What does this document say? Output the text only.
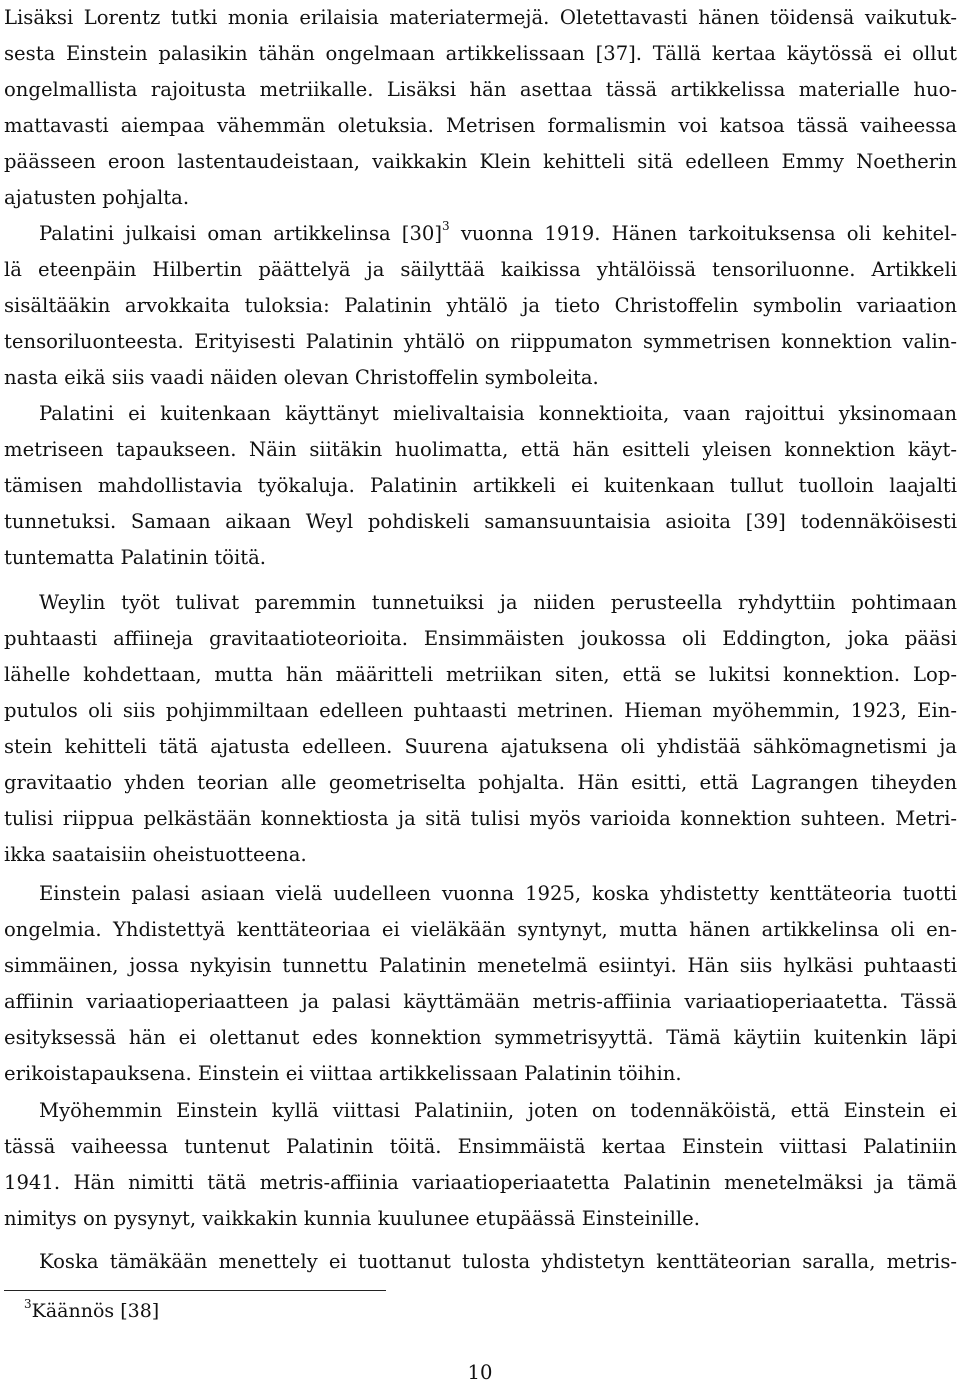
Lisäksi Lorentz tutki monia erilaisia materiatermejä. Oletettavasti hänen töidensä vaikutuk-
sesta Einstein palasikin tähän ongelmaan artikkelissaan [37]. Tällä kertaa käytössä ei ollut
ongelmallista rajoitusta metriikalle. Lisäksi hän asettaa tässä artikkelissa materialle huo-
mattavasti aiempaa vähemmän oletuksia. Metrisen formalismin voi katsoa tässä vaiheessa
päässeen eroon lastentaudeistaan, vaikkakin Klein kehitteli sitä edelleen Emmy Noetherin
ajatusten pohjalta.
Palatini julkaisi oman artikkelinsa $[30]^3$ vuonna 1919. Hänen tarkoituksensa oli kehitel-
lä eteenpäin Hilbertin päättelyä ja säilyttää kaikissa yhtälöissä tensoriluonne. Artikkeli
sisältääkin arvokkaita tuloksia: Palatinin yhtälö ja tieto Christoffelin symbolin variaation
tensoriluonteesta. Erityisesti Palatinin yhtälö on riippumaton symmetrisen konnektion valin-
nasta eikä siis vaadi näiden olevan Christoffelin symboleita.
Palatini ei kuitenkaan käyttänyt mielivaltaisia konnektioita, vaan rajoittui yksinomaan
metriseen tapaukseen. Näin siitäkin huolimatta, että hän esitteli yleisen konnektion käyt-
tämisen mahdollistavia työkaluja. Palatinin artikkeli ei kuitenkaan tullut tuolloin laajalti
tunnetuksi. Samaan aikaan Weyl pohdiskeli samansuuntaisia asioita [39] todennäköisesti
tuntematta Palatinin töitä.
Weylin työt tulivat paremmin tunnetuiksi ja niiden perusteella ryhdyttiin pohtimaan
puhtaasti affiineja gravitaatioteorioita. Ensimmäisten joukossa oli Eddington, joka pääsi
lähelle kohdettaan, mutta hän määritteli metriikan siten, että se lukitsi konnektion. Lop-
putulos oli siis pohjimmiltaan edelleen puhtaasti metrinen. Hieman myöhemmin, 1923, Ein-
stein kehitteli tätä ajatusta edelleen. Suurena ajatuksena oli yhdistää sähkömagnetismi ja
gravitaatio yhden teorian alle geometriselta pohjalta. Hän esitti, että Lagrangen tiheyden
tulisi riippua pelkästään konnektiosta ja sitä tulisi myös varioida konnektion suhteen. Metri-
ikka saataisiin oheistuotteena.
Einstein palasi asiaan vielä uudelleen vuonna 1925, koska yhdistetty kenttäteoria tuotti
ongelmia. Yhdistettyä kenttäteoriaa ei vieläkään syntynyt, mutta hänen artikkelinsa oli en-
simmäinen, jossa nykyisin tunnettu Palatinin menetelmä esiintyi. Hän siis hylkäsi puhtaasti
affiinin variaatioperiaatteen ja palasi käyttämään metris-affiinia variaatioperiaatetta. Tässä
esityksessä hän ei olettanut edes konnektion symmetrisyyttä. Tämä käytiin kuitenkin läpi
erikoistapauksena. Einstein ei viittaa artikkelissaan Palatinin töihin.
Myöhemmin Einstein kyllä viittasi Palatiniin, joten on todennäköistä, että Einstein ei
tässä vaiheessa tuntenut Palatinin töitä. Ensimmäistä kertaa Einstein viittasi Palatiniin
1941. Hän nimitti tätä metris-affiinia variaatioperiaatetta Palatinin menetelmäksi ja tämä
nimitys on pysynyt, vaikkakin kunnia kuulunee etupäässä Einsteinille.
Koska tämäkään menettely ei tuottanut tulosta yhdistetyn kenttäteorian saralla, metris-
$^3$Käännös [38]
10
